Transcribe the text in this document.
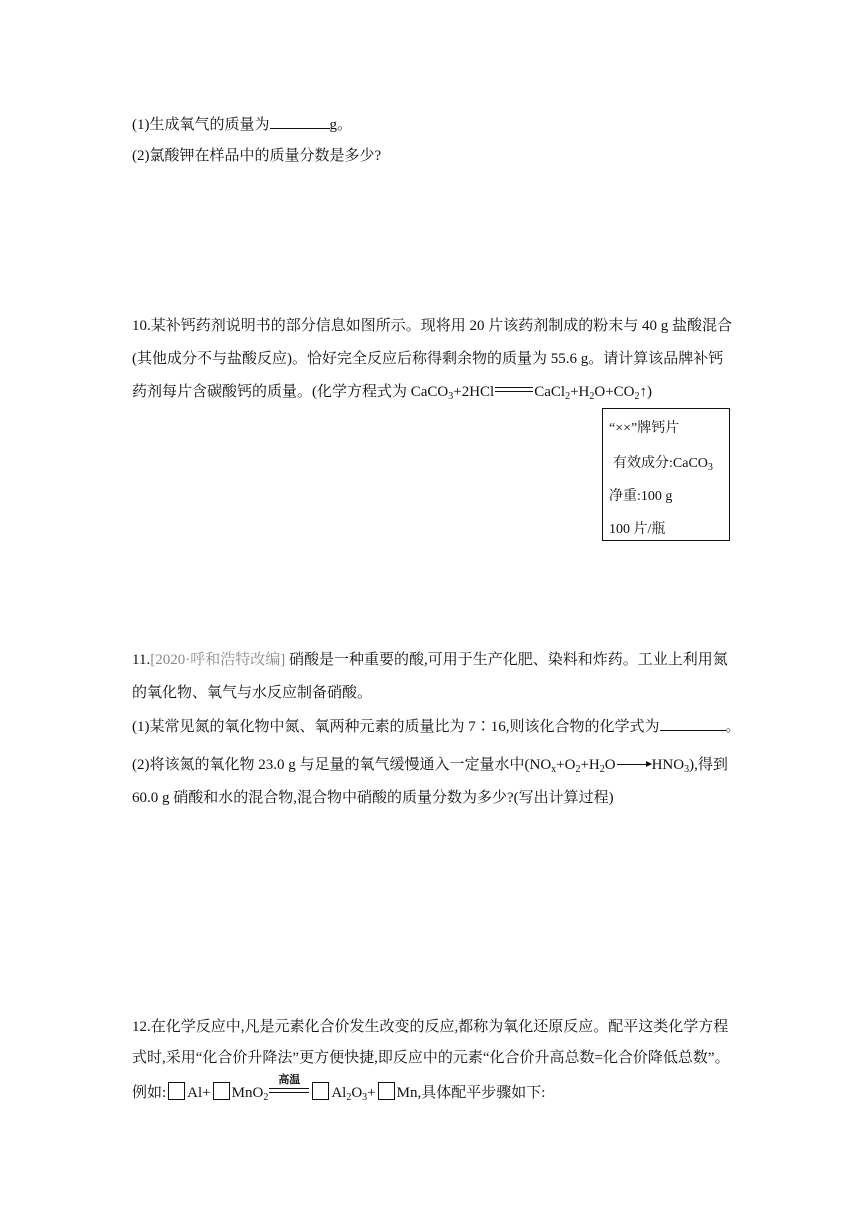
(1)生成氧气的质量为	g。
(2)氯酸钾在样品中的质量分数是多少?
10.某补钙药剂说明书的部分信息如图所示。现将用 20 片该药剂制成的粉末与 40 g 盐酸混合
(其他成分不与盐酸反应)。恰好完全反应后称得剩余物的质量为 55.6 g。请计算该品牌补钙
药剂每片含碳酸钙的质量。(化学方程式为 CaCO$_3$+2HCl	$CaCl_2+H_2O+CO_2↑$)
“××”牌钙片
有效成分:CaCO$_3$
净重:100 g
100 片/瓶
11.[2020·呼和浩特改编] 硝酸是一种重要的酸,可用于生产化肥、染料和炸药。工业上利用氮
的氧化物、氧气与水反应制备硝酸。
(1)某常见氮的氧化物中氮、氧两种元素的质量比为 7∶16,则该化合物的化学式为	。
(2)将该氮的氧化物 23.0 g 与足量的氧气缓慢通入一定量水中($NO_x+O_2+H_2O$ $HNO_3$),得到
60.0 g 硝酸和水的混合物,混合物中硝酸的质量分数为多少?(写出计算过程)
12.在化学反应中,凡是元素化合价发生改变的反应,都称为氧化还原反应。配平这类化学方程
式时,采用“化合价升降法”更方便快捷,即反应中的元素“化合价升高总数=化合价降低总数”。
例如: Al+ MnO$_2$
高温
$Al_2O_3+ Mn$,具体配平步骤如下:
